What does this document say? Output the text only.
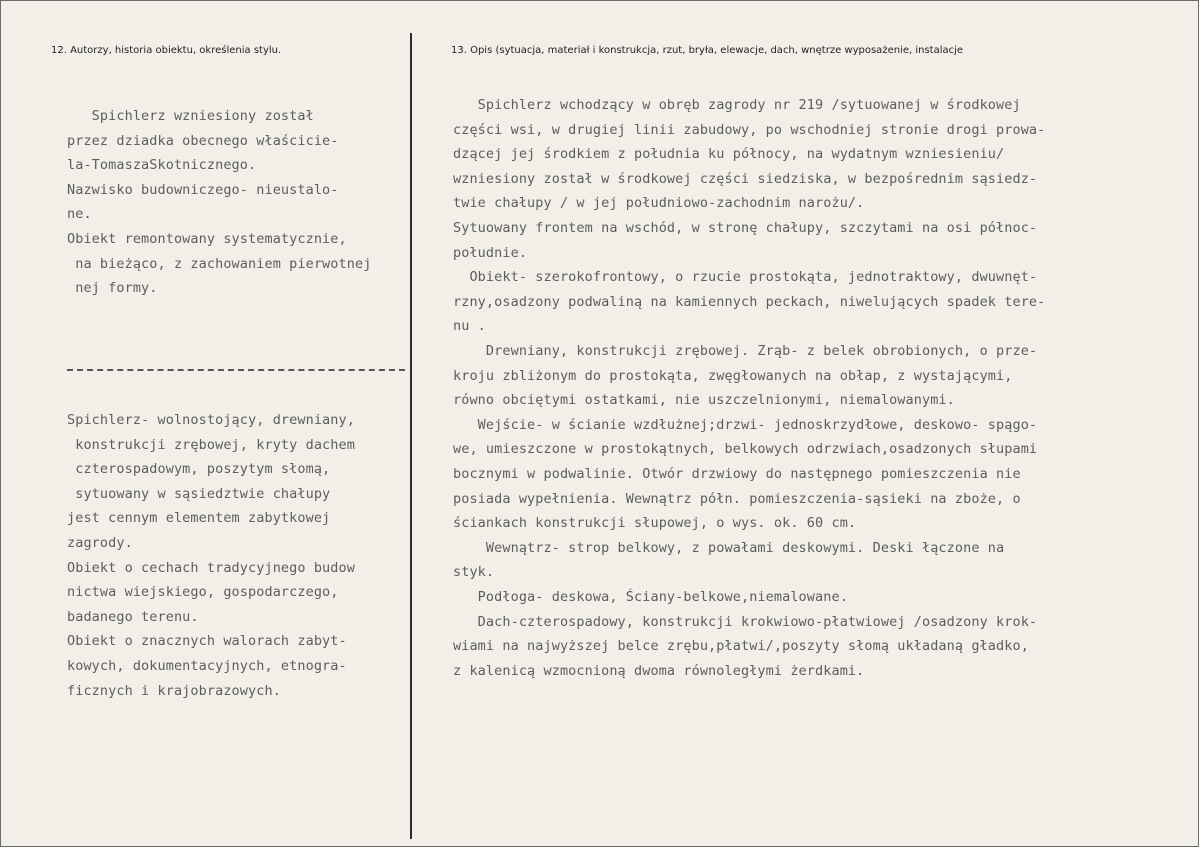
12. Autorzy, historia obiektu, określenia stylu.	13. Opis (sytuacja, materiał i konstrukcja, rzut, bryła, elewacje, dach, wnętrze wyposażenie, instalacje
Spichlerz wzniesiony został
przez dziadka obecnego właściciе-
la-TomaszaSkotnicznego.
Nazwisko budowniczego- nieustalo-
ne.
Obiekt remontowany systematycznie,
na bieżąco, z zachowaniem pierwotnej
nej formy.
Spichlerz- wolnostojący, drewniany,
konstrukcji zrębowej, kryty dachem
czterospadowym, poszytym słomą,
sytuowany w sąsiedztwie chałupy
jest cennym elementem zabytkowej
zagrody.
Obiekt o cechach tradycyjnego budow
nictwa wiejskiego, gospodarczego,
badanego terenu.
Obiekt o znacznych walorach zabyt-
kowych, dokumentacyjnych, etnogra-
ficznych i krajobrazowych.
Spichlerz wchodzący w obręb zagrody nr 219 /sytuowanej w środkowej
części wsi, w drugiej linii zabudowy, po wschodniej stronie drogi prowa-
dzącej jej środkiem z południa ku północy, na wydatnym wzniesieniu/
wzniesiony został w środkowej części siedziska, w bezpośrednim sąsiedz-
twie chałupy / w jej południowo-zachodnim narożu/.
Sytuowany frontem na wschód, w stronę chałupy, szczytami na osi północ-
południe.
Obiekt- szerokofrontowy, o rzucie prostokąta, jednotraktowy, dwuwnęt-
rzny,osadzony podwaliną na kamiennych peckach, niwelujących spadek tere-
nu .
Drewniany, konstrukcji zrębowej. Zrąb- z belek obrobionych, o prze-
kroju zbliżonym do prostokąta, zwęgłowanych na obłap, z wystającymi,
równo obciętymi ostatkami, nie uszczelnionymi, niemalowanymi.
Wejście- w ścianie wzdłużnej;drzwi- jednoskrzydłowe, deskowo- spągo-
we, umieszczone w prostokątnych, belkowych odrzwiach,osadzonych słupami
bocznymi w podwalinie. Otwór drzwiowy do następnego pomieszczenia nie
posiada wypełnienia. Wewnątrz półn. pomieszczenia-sąsieki na zboże, o
ściankach konstrukcji słupowej, o wys. ok. 60 cm.
Wewnątrz- strop belkowy, z powałami deskowymi. Deski łączone na
styk.
Podłoga- deskowa, Ściany-belkowe,niemalowane.
Dach-czterospadowy, konstrukcji krokwiowo-płatwiowej /osadzony krok-
wiami na najwyższej belce zrębu,płatwi/,poszyty słomą układaną gładko,
z kalenicą wzmocnioną dwoma równoległymi żerdkami.
